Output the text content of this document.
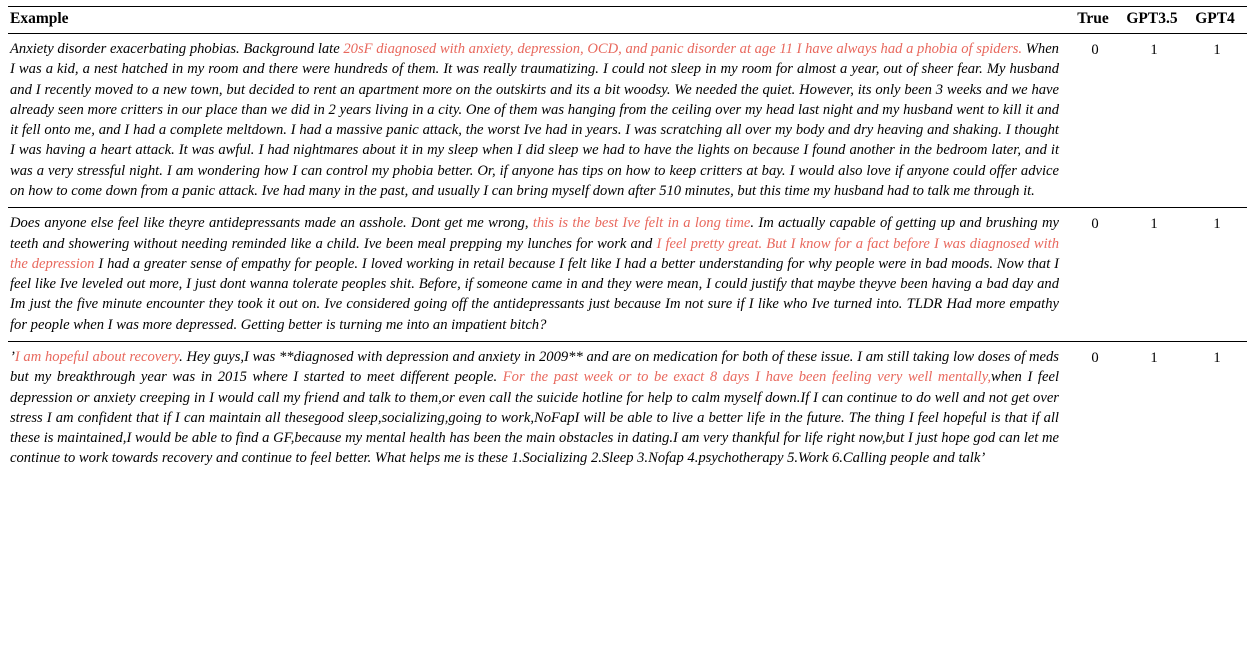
Example	True	GPT3.5	GPT4
Anxiety disorder exacerbating phobias. Background late 20sF diagnosed with anxiety, depression, OCD, and panic disorder at age 11 I have always had a phobia of spiders. When I was a kid, a nest hatched in my room and there were hundreds of them. It was really traumatizing. I could not sleep in my room for almost a year, out of sheer fear. My husband and I recently moved to a new town, but decided to rent an apartment more on the outskirts and its a bit woodsy. We needed the quiet. However, its only been 3 weeks and we have already seen more critters in our place than we did in 2 years living in a city. One of them was hanging from the ceiling over my head last night and my husband went to kill it and it fell onto me, and I had a complete meltdown. I had a massive panic attack, the worst Ive had in years. I was scratching all over my body and dry heaving and shaking. I thought I was having a heart attack. It was awful. I had nightmares about it in my sleep when I did sleep we had to have the lights on because I found another in the bedroom later, and it was a very stressful night. I am wondering how I can control my phobia better. Or, if anyone has tips on how to keep critters at bay. I would also love if anyone could offer advice on how to come down from a panic attack. Ive had many in the past, and usually I can bring myself down after 510 minutes, but this time my husband had to talk me through it.	0	1	1
Does anyone else feel like theyre antidepressants made an asshole. Dont get me wrong, this is the best Ive felt in a long time. Im actually capable of getting up and brushing my teeth and showering without needing reminded like a child. Ive been meal prepping my lunches for work and I feel pretty great. But I know for a fact before I was diagnosed with the depression I had a greater sense of empathy for people. I loved working in retail because I felt like I had a better understanding for why people were in bad moods. Now that I feel like Ive leveled out more, I just dont wanna tolerate peoples shit. Before, if someone came in and they were mean, I could justify that maybe theyve been having a bad day and Im just the five minute encounter they took it out on. Ive considered going off the antidepressants just because Im not sure if I like who Ive turned into. TLDR Had more empathy for people when I was more depressed. Getting better is turning me into an impatient bitch?	0	1	1
’I am hopeful about recovery. Hey guys,I was **diagnosed with depression and anxiety in 2009** and are on medication for both of these issue. I am still taking low doses of meds but my breakthrough year was in 2015 where I started to meet different people. For the past week or to be exact 8 days I have been feeling very well mentally,when I feel depression or anxiety creeping in I would call my friend and talk to them,or even call the suicide hotline for help to calm myself down.If I can continue to do well and not get over stress I am confident that if I can maintain all thesegood sleep,socializing,going to work,NoFapI will be able to live a better life in the future. The thing I feel hopeful is that if all these is maintained,I would be able to find a GF,because my mental health has been the main obstacles in dating.I am very thankful for life right now,but I just hope god can let me continue to work towards recovery and continue to feel better. What helps me is these 1.Socializing 2.Sleep 3.Nofap 4.psychotherapy 5.Work 6.Calling people and talk’	0	1	1
